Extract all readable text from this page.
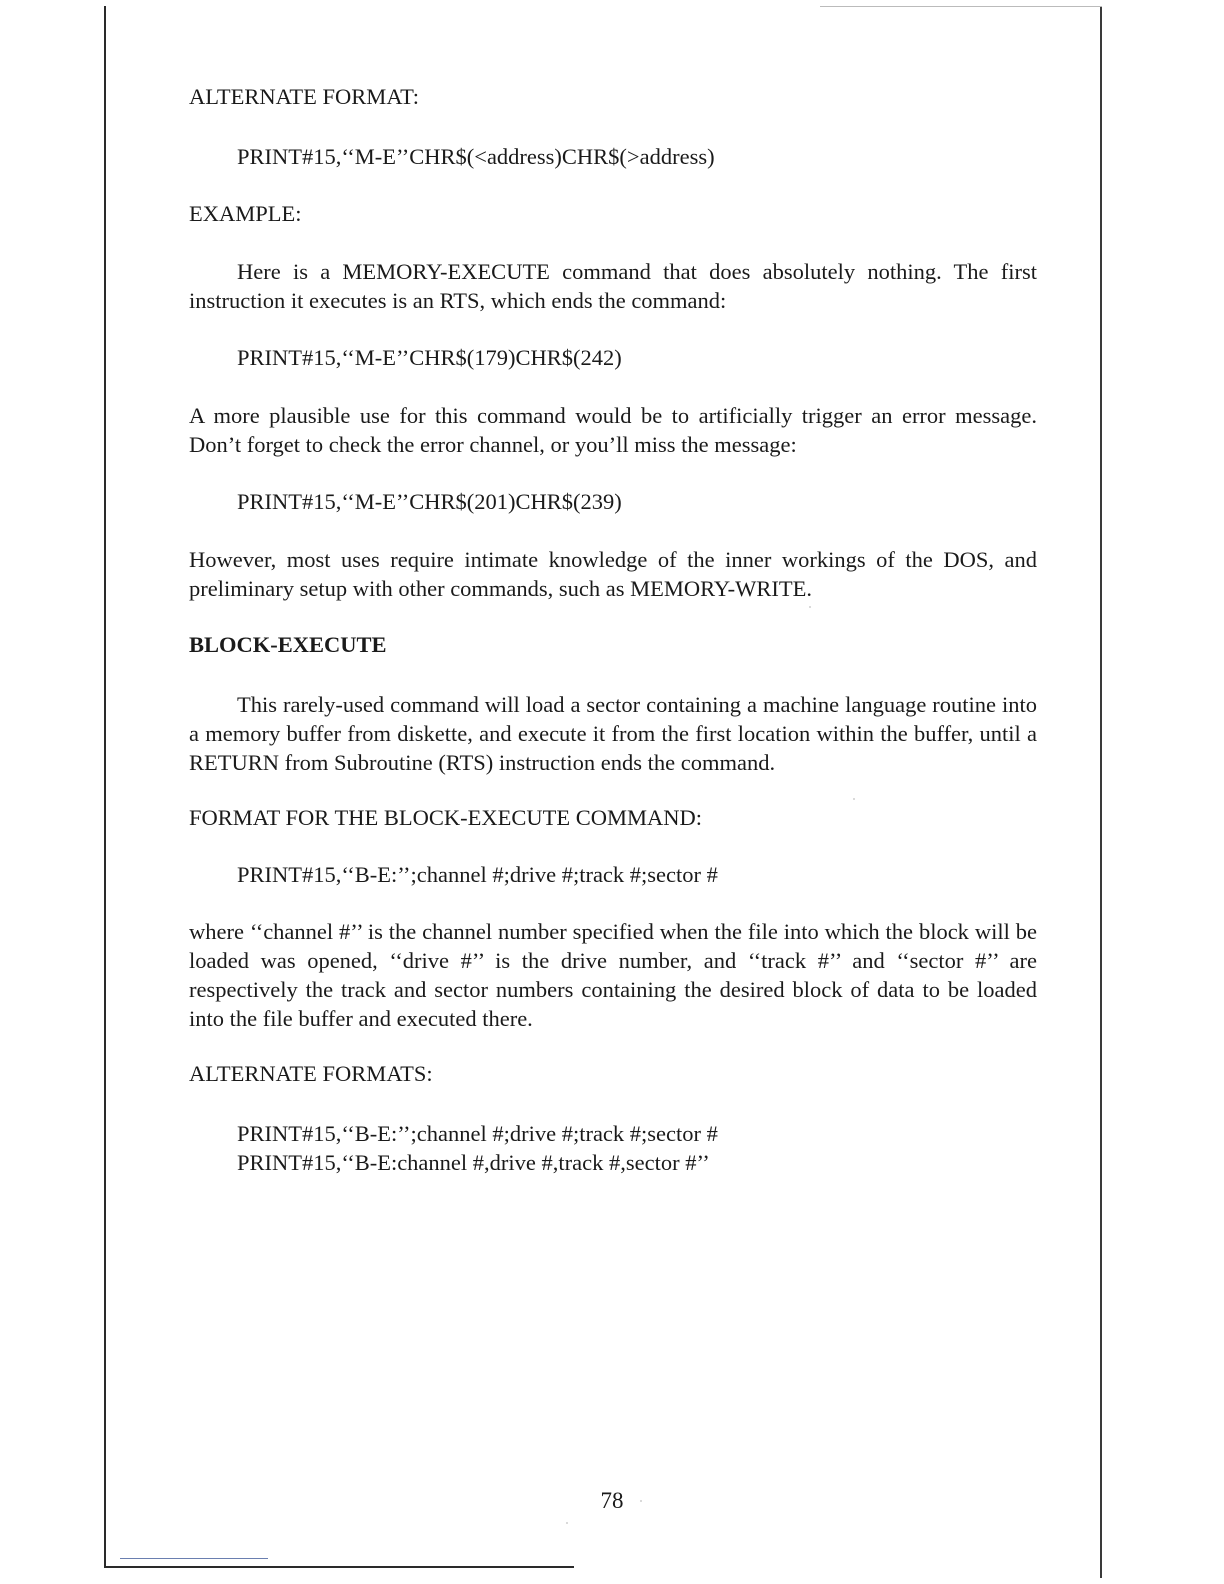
ALTERNATE FORMAT:

PRINT#15,‘‘M-E’’CHR$(<address)CHR$(>address)

EXAMPLE:

Here is a MEMORY-EXECUTE command that does absolutely nothing. The first instruction it executes is an RTS, which ends the command:

PRINT#15,‘‘M-E’’CHR$(179)CHR$(242)

A more plausible use for this command would be to artificially trigger an error message. Don’t forget to check the error channel, or you’ll miss the message:

PRINT#15,‘‘M-E’’CHR$(201)CHR$(239)

However, most uses require intimate knowledge of the inner workings of the DOS, and preliminary setup with other commands, such as MEMORY-WRITE.

BLOCK-EXECUTE

This rarely-used command will load a sector containing a machine language routine into a memory buffer from diskette, and execute it from the first location within the buffer, until a RETURN from Subroutine (RTS) instruction ends the command.

FORMAT FOR THE BLOCK-EXECUTE COMMAND:

PRINT#15,‘‘B-E:’’;channel #;drive #;track #;sector #

where ‘‘channel #’’ is the channel number specified when the file into which the block will be loaded was opened, ‘‘drive #’’ is the drive number, and ‘‘track #’’ and ‘‘sector #’’ are respectively the track and sector numbers containing the desired block of data to be loaded into the file buffer and executed there.

ALTERNATE FORMATS:

PRINT#15,‘‘B-E:’’;channel #;drive #;track #;sector #

PRINT#15,‘‘B-E:channel #,drive #,track #,sector #’’

78
